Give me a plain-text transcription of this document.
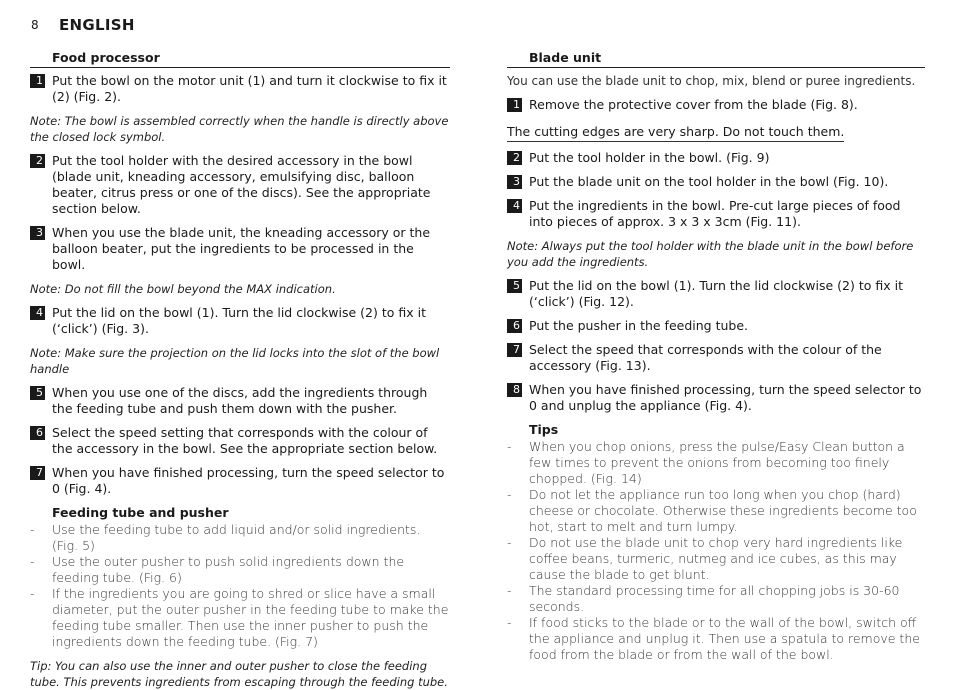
8 ENGLISH
Food processor
1 Put the bowl on the motor unit (1) and turn it clockwise to fix it (2) (Fig. 2).
Note: The bowl is assembled correctly when the handle is directly above the closed lock symbol.
2 Put the tool holder with the desired accessory in the bowl (blade unit, kneading accessory, emulsifying disc, balloon beater, citrus press or one of the discs). See the appropriate section below.
3 When you use the blade unit, the kneading accessory or the balloon beater, put the ingredients to be processed in the bowl.
Note: Do not fill the bowl beyond the MAX indication.
4 Put the lid on the bowl (1). Turn the lid clockwise (2) to fix it (‘click’) (Fig. 3).
Note: Make sure the projection on the lid locks into the slot of the bowl handle
5 When you use one of the discs, add the ingredients through the feeding tube and push them down with the pusher.
6 Select the speed setting that corresponds with the colour of the accessory in the bowl. See the appropriate section below.
7 When you have finished processing, turn the speed selector to 0 (Fig. 4).
Feeding tube and pusher
- Use the feeding tube to add liquid and/or solid ingredients. (Fig. 5)
- Use the outer pusher to push solid ingredients down the feeding tube. (Fig. 6)
- If the ingredients you are going to shred or slice have a small diameter, put the outer pusher in the feeding tube to make the feeding tube smaller. Then use the inner pusher to push the ingredients down the feeding tube. (Fig. 7)
Tip: You can also use the inner and outer pusher to close the feeding tube. This prevents ingredients from escaping through the feeding tube.
Blade unit
You can use the blade unit to chop, mix, blend or puree ingredients.
1 Remove the protective cover from the blade (Fig. 8).
The cutting edges are very sharp. Do not touch them.
2 Put the tool holder in the bowl. (Fig. 9)
3 Put the blade unit on the tool holder in the bowl (Fig. 10).
4 Put the ingredients in the bowl. Pre-cut large pieces of food into pieces of approx. 3 x 3 x 3cm (Fig. 11).
Note: Always put the tool holder with the blade unit in the bowl before you add the ingredients.
5 Put the lid on the bowl (1). Turn the lid clockwise (2) to fix it (‘click’) (Fig. 12).
6 Put the pusher in the feeding tube.
7 Select the speed that corresponds with the colour of the accessory (Fig. 13).
8 When you have finished processing, turn the speed selector to 0 and unplug the appliance (Fig. 4).
Tips
- When you chop onions, press the pulse/Easy Clean button a few times to prevent the onions from becoming too finely chopped. (Fig. 14)
- Do not let the appliance run too long when you chop (hard) cheese or chocolate. Otherwise these ingredients become too hot, start to melt and turn lumpy.
- Do not use the blade unit to chop very hard ingredients like coffee beans, turmeric, nutmeg and ice cubes, as this may cause the blade to get blunt.
- The standard processing time for all chopping jobs is 30-60 seconds.
- If food sticks to the blade or to the wall of the bowl, switch off the appliance and unplug it. Then use a spatula to remove the food from the blade or from the wall of the bowl.
